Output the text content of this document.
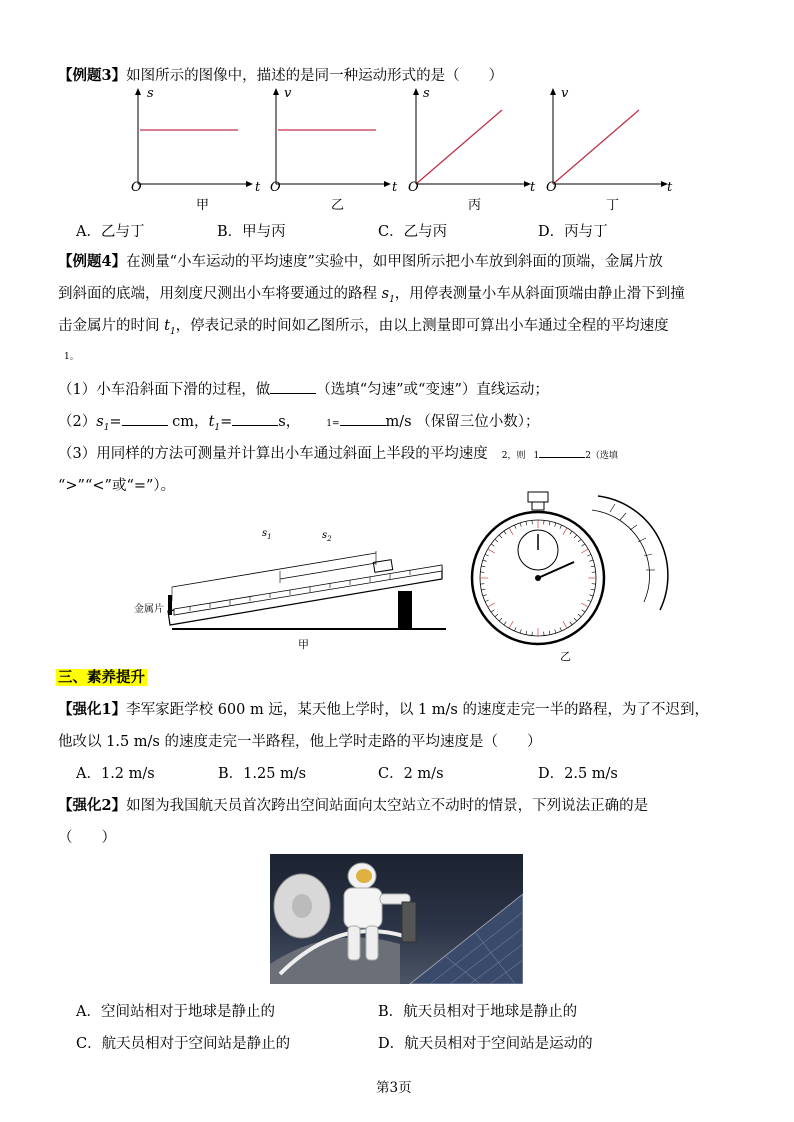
【例题3】如图所示的图像中，描述的是同一种运动形式的是（　　）
s
O	t
甲
v
O	t
乙
s
O	t
丙
v
O	t
丁
A．乙与丁	B．甲与丙	C．乙与丙	D．丙与丁
【例题4】在测量“小车运动的平均速度”实验中，如甲图所示把小车放到斜面的顶端，金属片放
到斜面的底端，用刻度尺测出小车将要通过的路程 $s_1$，用停表测量小车从斜面顶端由静止滑下到撞
击金属片的时间 $t_1$，停表记录的时间如乙图所示，由以上测量即可算出小车通过全程的平均速度
1。
（1）小车沿斜面下滑的过程，做	（选填“匀速”或“变速”）直线运动；
$(2)s_1=$	cm，$t_1=$	s，	1=	m/s （保留三位小数）；
（3）用同样的方法可测量并计算出小车通过斜面上半段的平均速度 2，则 1	2（选填
“>”“<”或“=”）。
$s_1$	$s_2$
金属片
甲
乙
三、素养提升
【强化1】李军家距学校 600 m 远，某天他上学时，以 1 m/s 的速度走完一半的路程，为了不迟到，
他改以 1.5 m/s 的速度走完一半路程，他上学时走路的平均速度是（　　）
A．1.2 m/s	B．1.25 m/s	C．2 m/s	D．2.5 m/s
【强化2】如图为我国航天员首次跨出空间站面向太空站立不动时的情景，下列说法正确的是
（　　）
A．空间站相对于地球是静止的	B．航天员相对于地球是静止的
C．航天员相对于空间站是静止的	D．航天员相对于空间站是运动的
第3页
